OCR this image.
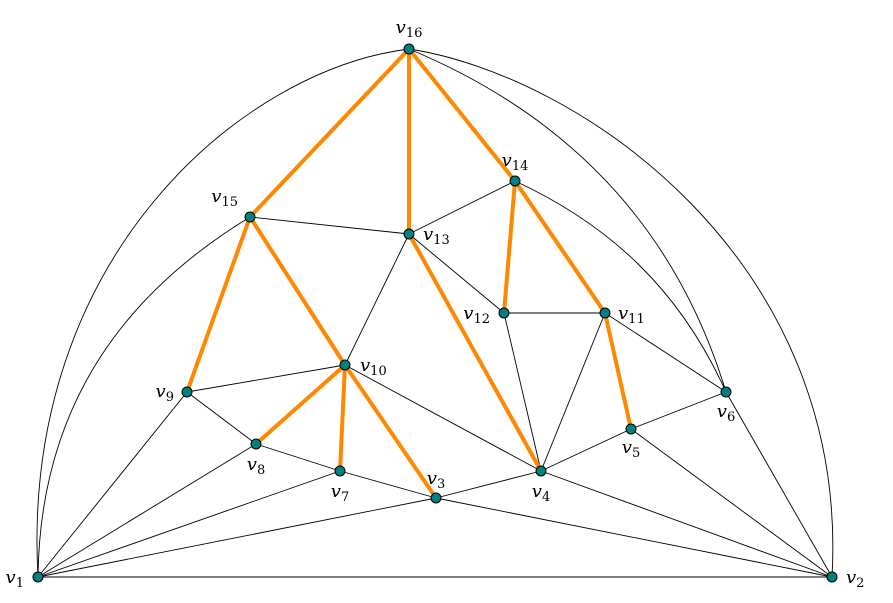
$v_1$	$v_2$
$v_3$	$v_4$
$v_5$
$v_6$
$v_7$
$v_8$
$v_9$
$v_{10}$
$v_{11}$
$v_{12}$
$v_{13}$
$v_{14}$
$v_{15}$
$v_{16}$
